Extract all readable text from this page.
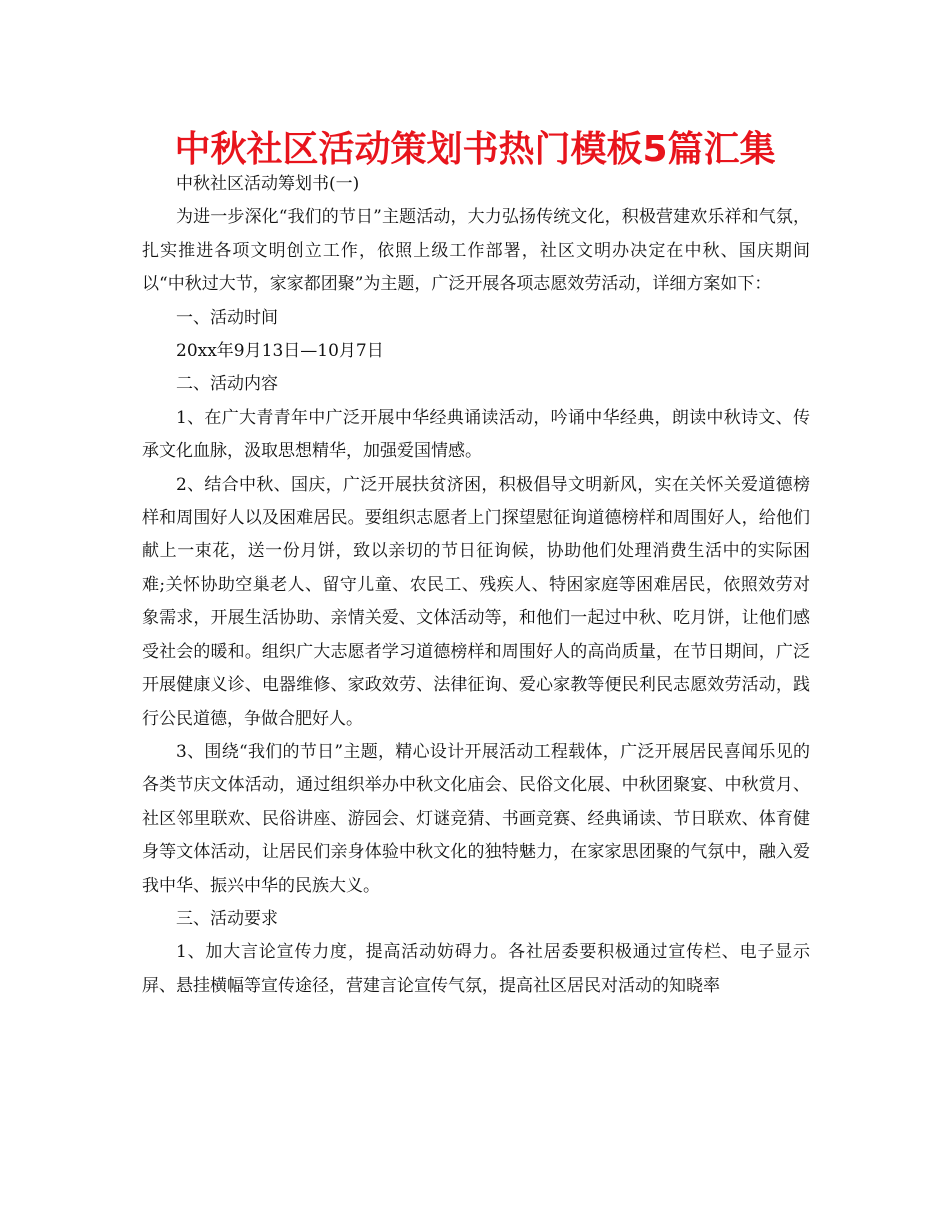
中秋社区活动策划书热门模板5篇汇集

中秋社区活动筹划书(一)

为进一步深化“我们的节日”主题活动，大力弘扬传统文化，积极营建欢乐祥和气氛，扎实推进各项文明创立工作，依照上级工作部署，社区文明办决定在中秋、国庆期间以“中秋过大节，家家都团聚”为主题，广泛开展各项志愿效劳活动，详细方案如下：

一、活动时间

20xx年9月13日—10月7日

二、活动内容

1、在广大青青年中广泛开展中华经典诵读活动，吟诵中华经典，朗读中秋诗文、传承文化血脉，汲取思想精华，加强爱国情感。

2、结合中秋、国庆，广泛开展扶贫济困，积极倡导文明新风，实在关怀关爱道德榜样和周围好人以及困难居民。要组织志愿者上门探望慰征询道德榜样和周围好人，给他们献上一束花，送一份月饼，致以亲切的节日征询候，协助他们处理消费生活中的实际困难;关怀协助空巢老人、留守儿童、农民工、残疾人、特困家庭等困难居民，依照效劳对象需求，开展生活协助、亲情关爱、文体活动等，和他们一起过中秋、吃月饼，让他们感受社会的暖和。组织广大志愿者学习道德榜样和周围好人的高尚质量，在节日期间，广泛开展健康义诊、电器维修、家政效劳、法律征询、爱心家教等便民利民志愿效劳活动，践行公民道德，争做合肥好人。

3、围绕“我们的节日”主题，精心设计开展活动工程载体，广泛开展居民喜闻乐见的各类节庆文体活动，通过组织举办中秋文化庙会、民俗文化展、中秋团聚宴、中秋赏月、社区邻里联欢、民俗讲座、游园会、灯谜竞猜、书画竞赛、经典诵读、节日联欢、体育健身等文体活动，让居民们亲身体验中秋文化的独特魅力，在家家思团聚的气氛中，融入爱我中华、振兴中华的民族大义。

三、活动要求

1、加大言论宣传力度，提高活动妨碍力。各社居委要积极通过宣传栏、电子显示屏、悬挂横幅等宣传途径，营建言论宣传气氛，提高社区居民对活动的知晓率
